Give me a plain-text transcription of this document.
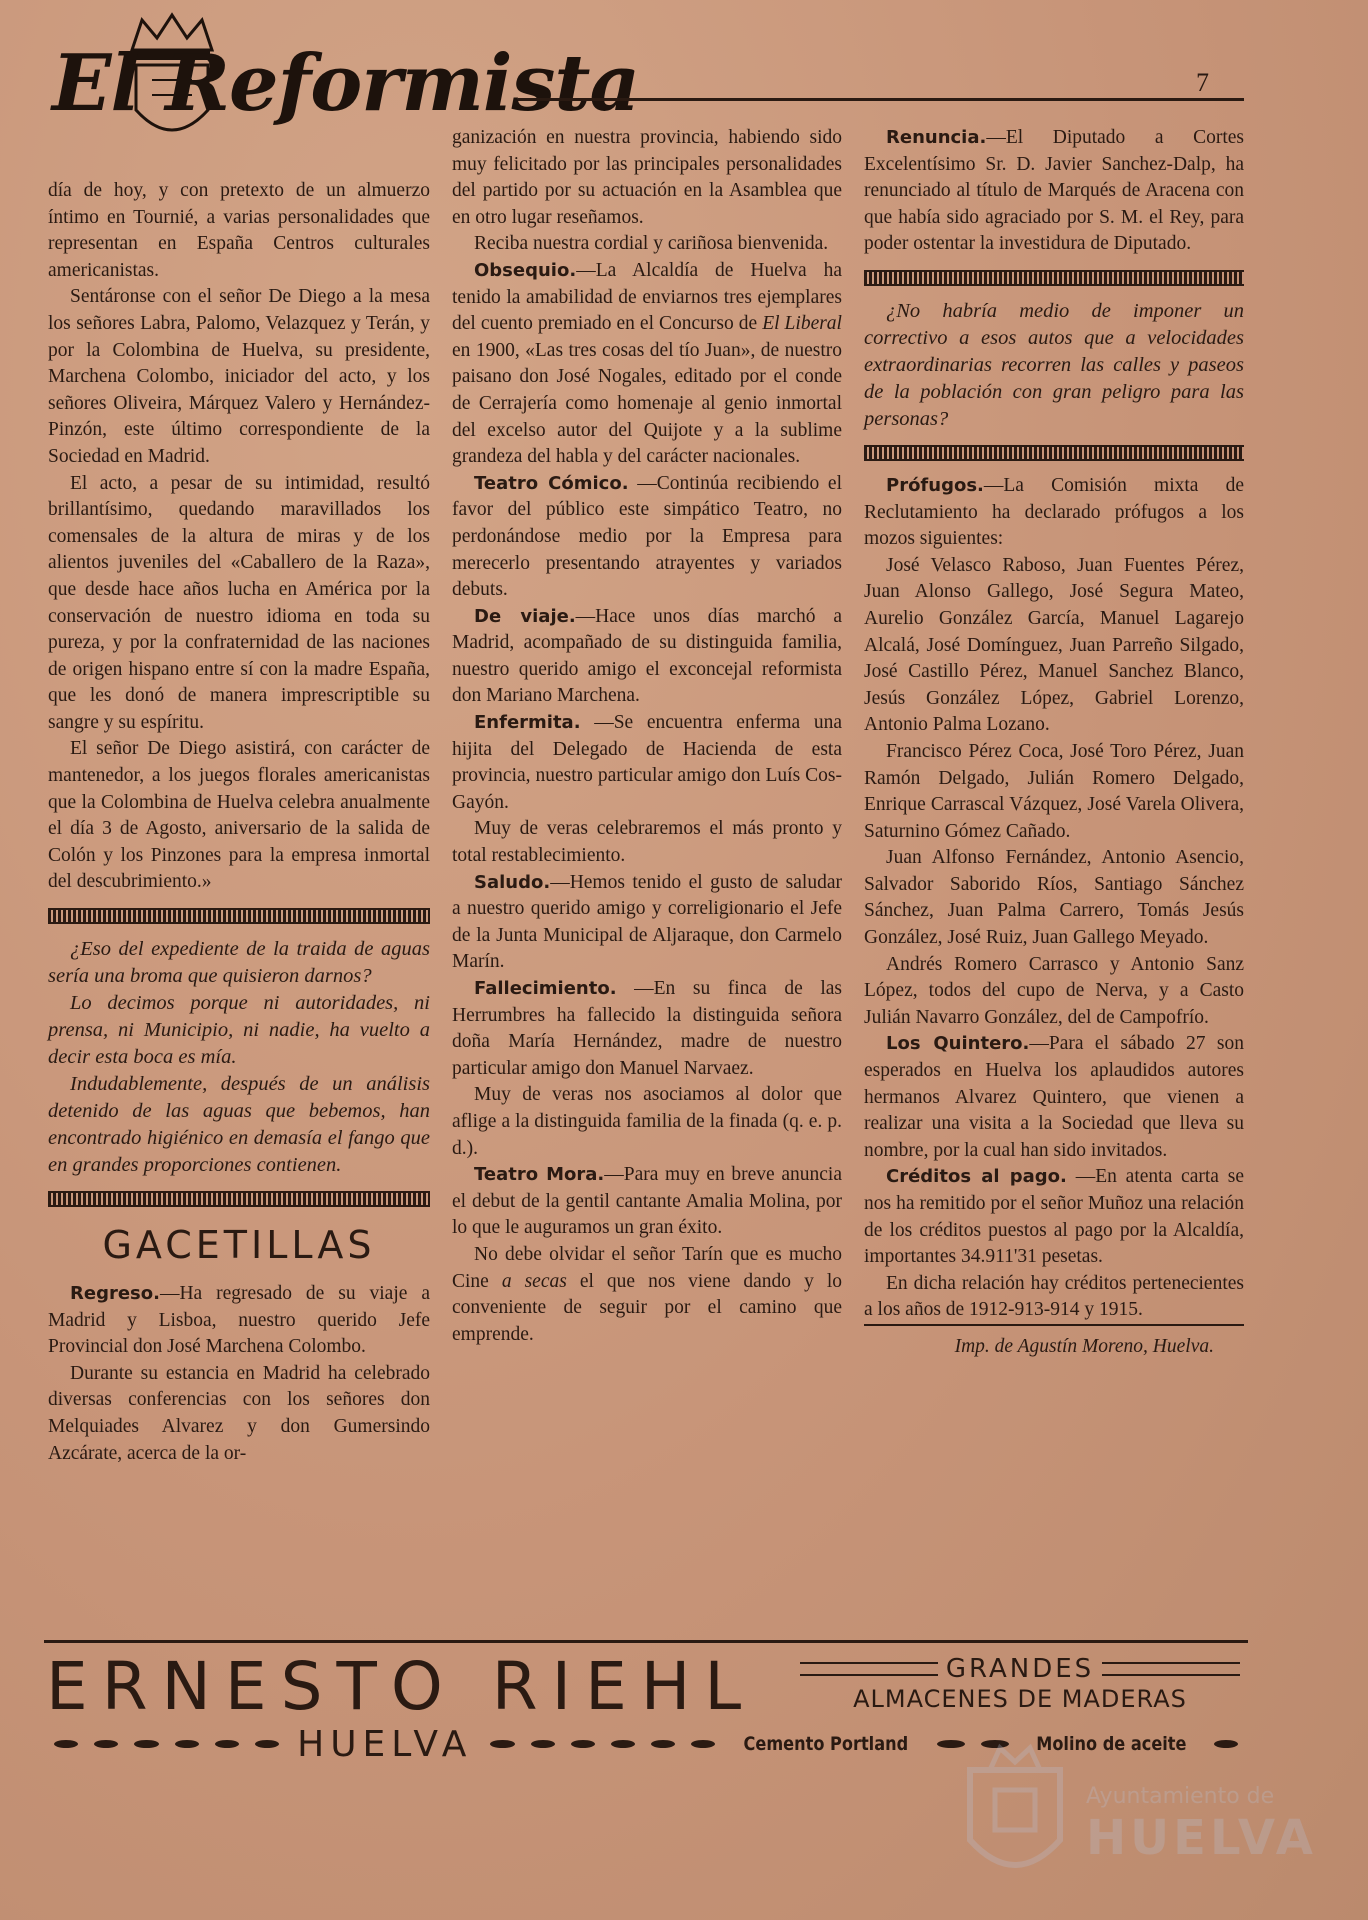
El Reformista	7

día de hoy, y con pretexto de un almuerzo íntimo en Tournié, a varias personalidades que representan en España Centros culturales americanistas.

Sentáronse con el señor De Diego a la mesa los señores Labra, Palomo, Velazquez y Terán, y por la Colombina de Huelva, su presidente, Marchena Colombo, iniciador del acto, y los señores Oliveira, Márquez Valero y Hernández-Pinzón, este último correspondiente de la Sociedad en Madrid.

El acto, a pesar de su intimidad, resultó brillantísimo, quedando maravillados los comensales de la altura de miras y de los alientos juveniles del «Caballero de la Raza», que desde hace años lucha en América por la conservación de nuestro idioma en toda su pureza, y por la confraternidad de las naciones de origen hispano entre sí con la madre España, que les donó de manera imprescriptible su sangre y su espíritu.

El señor De Diego asistirá, con carácter de mantenedor, a los juegos florales americanistas que la Colombina de Huelva celebra anualmente el día 3 de Agosto, aniversario de la salida de Colón y los Pinzones para la empresa inmortal del descubrimiento.»

¿Eso del expediente de la traida de aguas sería una broma que quisieron darnos?

Lo decimos porque ni autoridades, ni prensa, ni Municipio, ni nadie, ha vuelto a decir esta boca es mía.

Indudablemente, después de un análisis detenido de las aguas que bebemos, han encontrado higiénico en demasía el fango que en grandes proporciones contienen.

GACETILLAS

Regreso.—Ha regresado de su viaje a Madrid y Lisboa, nuestro querido Jefe Provincial don José Marchena Colombo.

Durante su estancia en Madrid ha celebrado diversas conferencias con los señores don Melquiades Alvarez y don Gumersindo Azcárate, acerca de la or-

ganización en nuestra provincia, habiendo sido muy felicitado por las principales personalidades del partido por su actuación en la Asamblea que en otro lugar reseñamos.

Reciba nuestra cordial y cariñosa bienvenida.

Obsequio.—La Alcaldía de Huelva ha tenido la amabilidad de enviarnos tres ejemplares del cuento premiado en el Concurso de El Liberal en 1900, «Las tres cosas del tío Juan», de nuestro paisano don José Nogales, editado por el conde de Cerrajería como homenaje al genio inmortal del excelso autor del Quijote y a la sublime grandeza del habla y del carácter nacionales.

Teatro Cómico. —Continúa recibiendo el favor del público este simpático Teatro, no perdonándose medio por la Empresa para merecerlo presentando atrayentes y variados debuts.

De viaje.—Hace unos días marchó a Madrid, acompañado de su distinguida familia, nuestro querido amigo el exconcejal reformista don Mariano Marchena.

Enfermita. —Se encuentra enferma una hijita del Delegado de Hacienda de esta provincia, nuestro particular amigo don Luís Cos-Gayón.

Muy de veras celebraremos el más pronto y total restablecimiento.

Saludo.—Hemos tenido el gusto de saludar a nuestro querido amigo y correligionario el Jefe de la Junta Municipal de Aljaraque, don Carmelo Marín.

Fallecimiento. —En su finca de las Herrumbres ha fallecido la distinguida señora doña María Hernández, madre de nuestro particular amigo don Manuel Narvaez.

Muy de veras nos asociamos al dolor que aflige a la distinguida familia de la finada (q. e. p. d.).

Teatro Mora.—Para muy en breve anuncia el debut de la gentil cantante Amalia Molina, por lo que le auguramos un gran éxito.

No debe olvidar el señor Tarín que es mucho Cine a secas el que nos viene dando y lo conveniente de seguir por el camino que emprende.

Renuncia.—El Diputado a Cortes Excelentísimo Sr. D. Javier Sanchez-Dalp, ha renunciado al título de Marqués de Aracena con que había sido agraciado por S. M. el Rey, para poder ostentar la investidura de Diputado.

¿No habría medio de imponer un correctivo a esos autos que a velocidades extraordinarias recorren las calles y paseos de la población con gran peligro para las personas?

Prófugos.—La Comisión mixta de Reclutamiento ha declarado prófugos a los mozos siguientes:

José Velasco Raboso, Juan Fuentes Pérez, Juan Alonso Gallego, José Segura Mateo, Aurelio González García, Manuel Lagarejo Alcalá, José Domínguez, Juan Parreño Silgado, José Castillo Pérez, Manuel Sanchez Blanco, Jesús González López, Gabriel Lorenzo, Antonio Palma Lozano.

Francisco Pérez Coca, José Toro Pérez, Juan Ramón Delgado, Julián Romero Delgado, Enrique Carrascal Vázquez, José Varela Olivera, Saturnino Gómez Cañado.

Juan Alfonso Fernández, Antonio Asencio, Salvador Saborido Ríos, Santiago Sánchez Sánchez, Juan Palma Carrero, Tomás Jesús González, José Ruiz, Juan Gallego Meyado.

Andrés Romero Carrasco y Antonio Sanz López, todos del cupo de Nerva, y a Casto Julián Navarro González, del de Campofrío.

Los Quintero.—Para el sábado 27 son esperados en Huelva los aplaudidos autores hermanos Alvarez Quintero, que vienen a realizar una visita a la Sociedad que lleva su nombre, por la cual han sido invitados.

Créditos al pago. —En atenta carta se nos ha remitido por el señor Muñoz una relación de los créditos puestos al pago por la Alcaldía, importantes 34.911'31 pesetas.

En dicha relación hay créditos pertenecientes a los años de 1912-913-914 y 1915.

Imp. de Agustín Moreno, Huelva.

ERNESTO RIEHL	GRANDES
ALMACENES DE MADERAS
HUELVA	Cemento Portland	Molino de aceite
Ayuntamiento de
HUELVA
